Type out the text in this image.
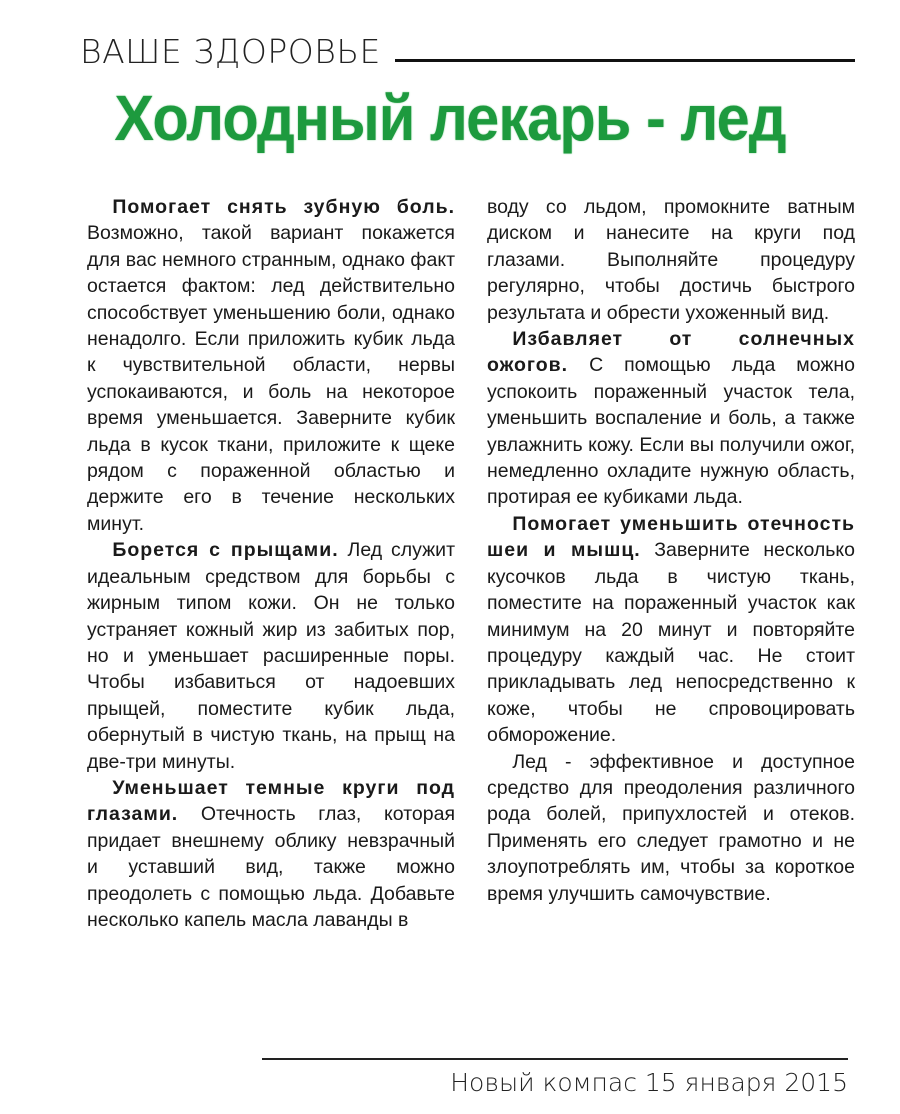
ВАШЕ ЗДОРОВЬЕ
Холодный лекарь - лед

Помогает снять зубную боль. Возможно, такой вариант покажется для вас немного странным, однако факт остается фактом: лед действительно способствует уменьшению боли, однако ненадолго. Если приложить кубик льда к чувствительной области, нервы успокаиваются, и боль на некоторое время уменьшается. Заверните кубик льда в кусок ткани, приложите к щеке рядом с пораженной областью и держите его в течение нескольких минут.

Борется с прыщами. Лед служит идеальным средством для борьбы с жирным типом кожи. Он не только устраняет кожный жир из забитых пор, но и уменьшает расширенные поры. Чтобы избавиться от надоевших прыщей, поместите кубик льда, обернутый в чистую ткань, на прыщ на две-три минуты.

Уменьшает темные круги под глазами. Отечность глаз, которая придает внешнему облику невзрачный и уставший вид, также можно преодолеть с помощью льда. Добавьте несколько капель масла лаванды в

воду со льдом, промокните ватным диском и нанесите на круги под глазами. Выполняйте процедуру регулярно, чтобы достичь быстрого результата и обрести ухоженный вид.

Избавляет от солнечных ожогов. С помощью льда можно успокоить пораженный участок тела, уменьшить воспаление и боль, а также увлажнить кожу. Если вы получили ожог, немедленно охладите нужную область, протирая ее кубиками льда.

Помогает уменьшить отечность шеи и мышц. Заверните несколько кусочков льда в чистую ткань, поместите на пораженный участок как минимум на 20 минут и повторяйте процедуру каждый час. Не стоит прикладывать лед непосредственно к коже, чтобы не спровоцировать обморожение.

Лед - эффективное и доступное средство для преодоления различного рода болей, припухлостей и отеков. Применять его следует грамотно и не злоупотреблять им, чтобы за короткое время улучшить самочувствие.

Новый компас 15 января 2015
